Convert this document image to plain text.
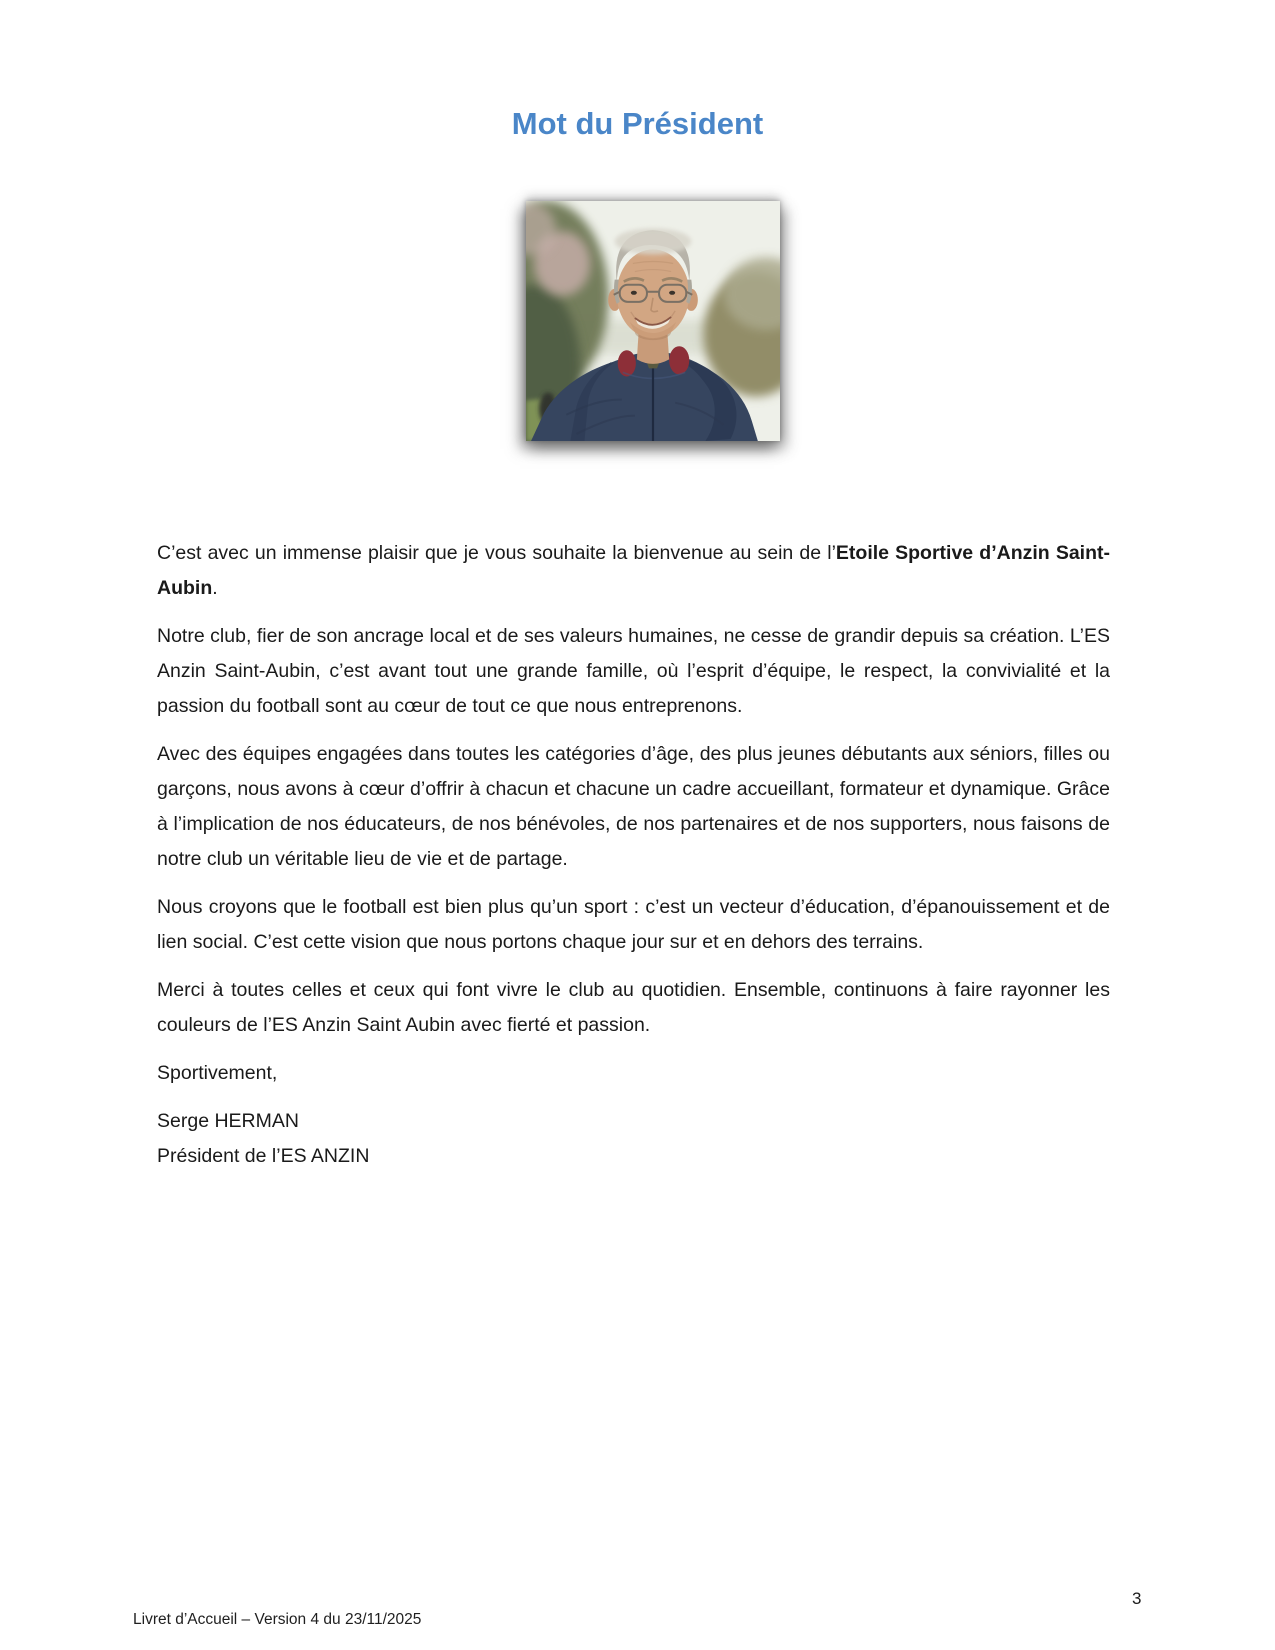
Mot du Président

C’est avec un immense plaisir que je vous souhaite la bienvenue au sein de l’Etoile Sportive d’Anzin Saint-Aubin.

Notre club, fier de son ancrage local et de ses valeurs humaines, ne cesse de grandir depuis sa création. L’ES Anzin Saint-Aubin, c’est avant tout une grande famille, où l’esprit d’équipe, le respect, la convivialité et la passion du football sont au cœur de tout ce que nous entreprenons.

Avec des équipes engagées dans toutes les catégories d’âge, des plus jeunes débutants aux séniors, filles ou garçons, nous avons à cœur d’offrir à chacun et chacune un cadre accueillant, formateur et dynamique. Grâce à l’implication de nos éducateurs, de nos bénévoles, de nos partenaires et de nos supporters, nous faisons de notre club un véritable lieu de vie et de partage.

Nous croyons que le football est bien plus qu’un sport : c’est un vecteur d’éducation, d’épanouissement et de lien social. C’est cette vision que nous portons chaque jour sur et en dehors des terrains.

Merci à toutes celles et ceux qui font vivre le club au quotidien. Ensemble, continuons à faire rayonner les couleurs de l’ES Anzin Saint Aubin avec fierté et passion.

Sportivement,

Serge HERMAN
Président de l’ES ANZIN

3
Livret d’Accueil – Version 4 du 23/11/2025
